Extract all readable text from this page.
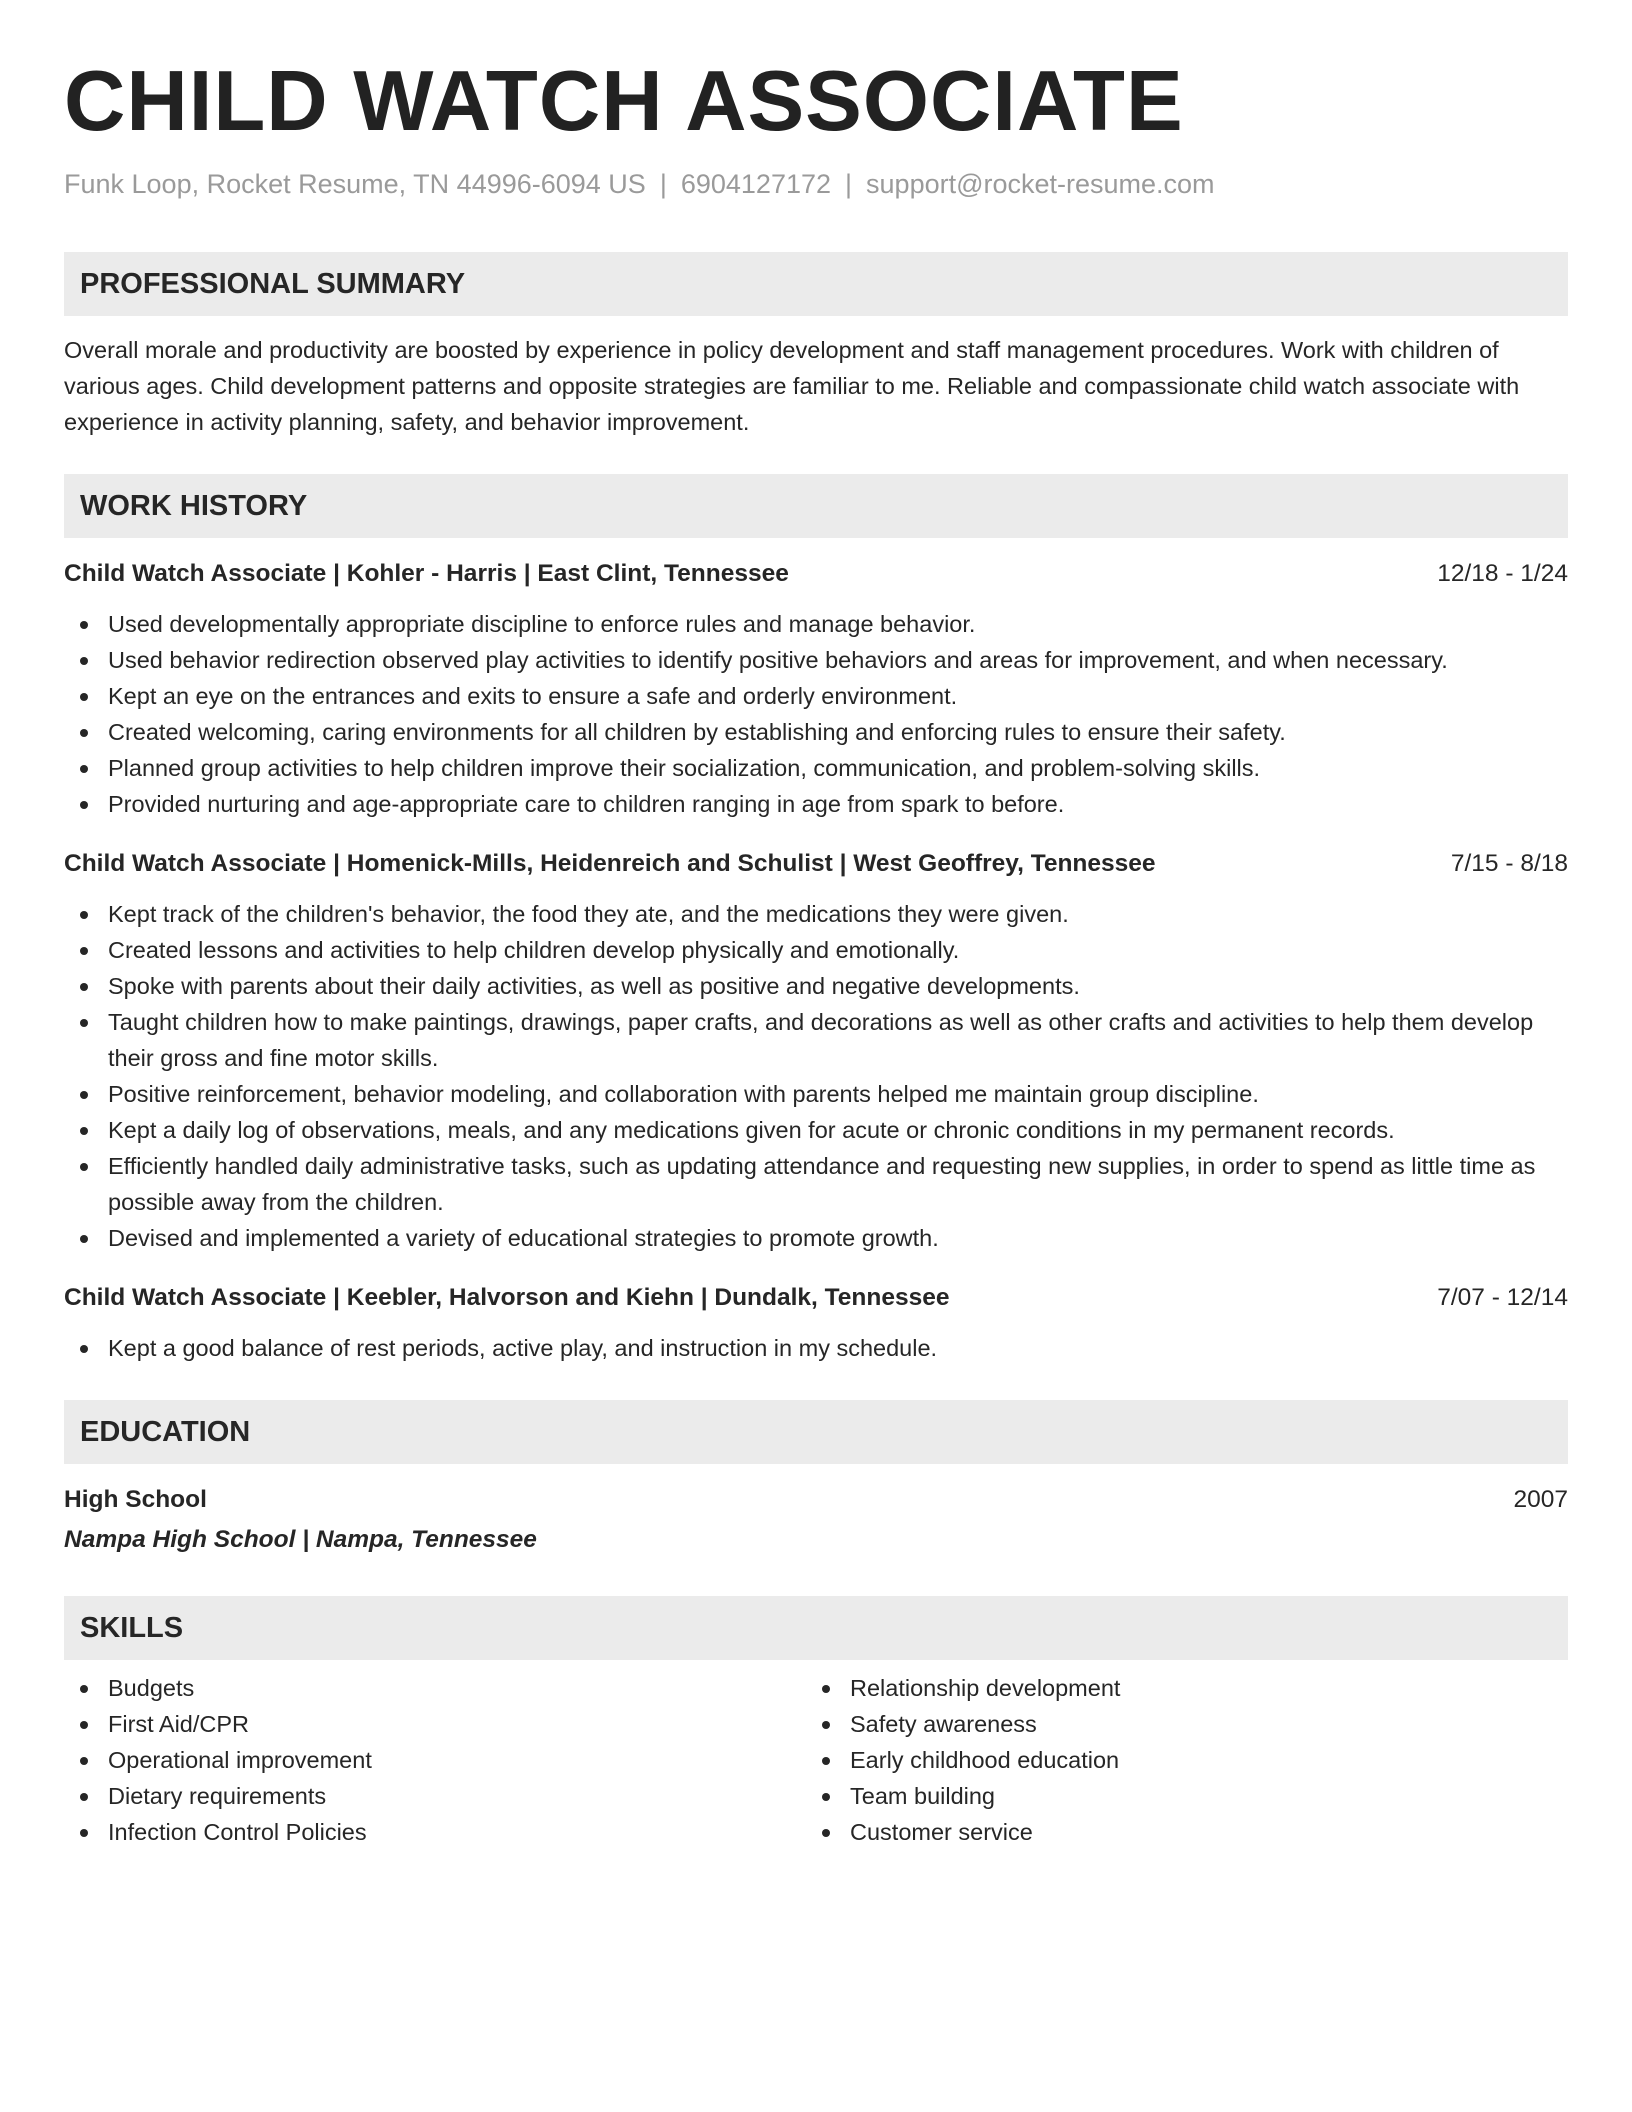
CHILD WATCH ASSOCIATE
Funk Loop, Rocket Resume, TN 44996-6094 US | 6904127172 | support@rocket-resume.com
PROFESSIONAL SUMMARY
Overall morale and productivity are boosted by experience in policy development and staff management procedures. Work with children of various ages. Child development patterns and opposite strategies are familiar to me. Reliable and compassionate child watch associate with experience in activity planning, safety, and behavior improvement.
WORK HISTORY
Child Watch Associate | Kohler - Harris | East Clint, Tennessee	12/18 - 1/24
Used developmentally appropriate discipline to enforce rules and manage behavior.
Used behavior redirection observed play activities to identify positive behaviors and areas for improvement, and when necessary.
Kept an eye on the entrances and exits to ensure a safe and orderly environment.
Created welcoming, caring environments for all children by establishing and enforcing rules to ensure their safety.
Planned group activities to help children improve their socialization, communication, and problem-solving skills.
Provided nurturing and age-appropriate care to children ranging in age from spark to before.
Child Watch Associate | Homenick-Mills, Heidenreich and Schulist | West Geoffrey, Tennessee	7/15 - 8/18
Kept track of the children's behavior, the food they ate, and the medications they were given.
Created lessons and activities to help children develop physically and emotionally.
Spoke with parents about their daily activities, as well as positive and negative developments.
Taught children how to make paintings, drawings, paper crafts, and decorations as well as other crafts and activities to help them develop their gross and fine motor skills.
Positive reinforcement, behavior modeling, and collaboration with parents helped me maintain group discipline.
Kept a daily log of observations, meals, and any medications given for acute or chronic conditions in my permanent records.
Efficiently handled daily administrative tasks, such as updating attendance and requesting new supplies, in order to spend as little time as possible away from the children.
Devised and implemented a variety of educational strategies to promote growth.
Child Watch Associate | Keebler, Halvorson and Kiehn | Dundalk, Tennessee	7/07 - 12/14
Kept a good balance of rest periods, active play, and instruction in my schedule.
EDUCATION
High School	2007
Nampa High School | Nampa, Tennessee
SKILLS
Budgets
First Aid/CPR
Operational improvement
Dietary requirements
Infection Control Policies
Relationship development
Safety awareness
Early childhood education
Team building
Customer service
